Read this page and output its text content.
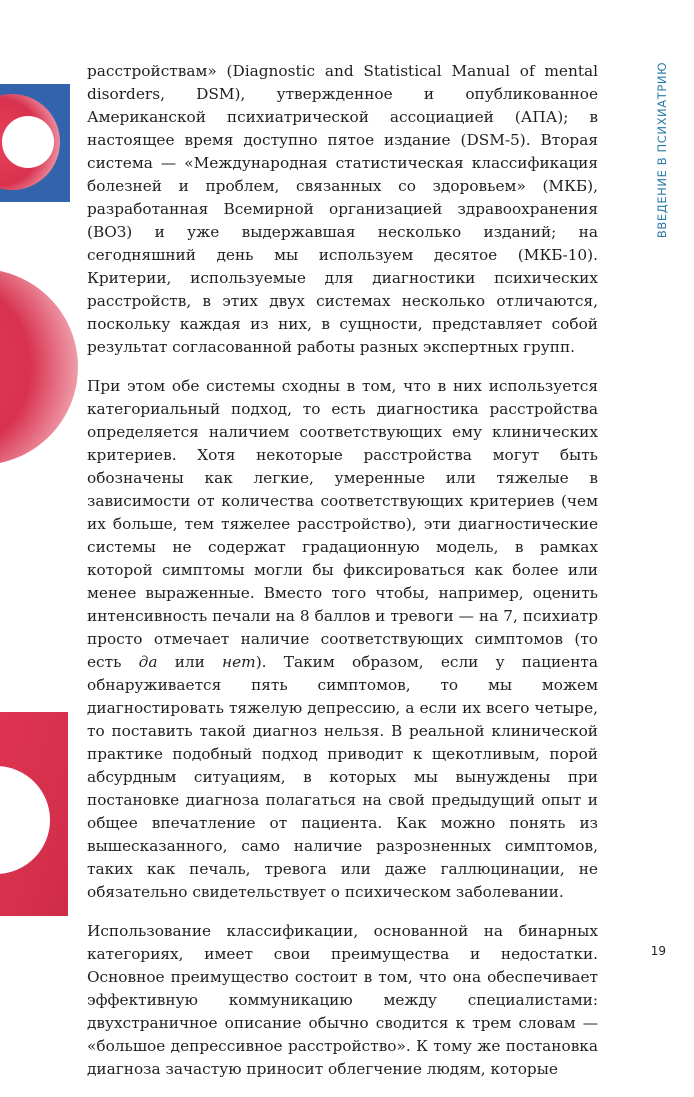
ВВЕДЕНИЕ В ПСИХИАТРИЮ

расстройствам» (Diagnostic and Statistical Manual of mental disorders, DSM), утвержденное и опубликованное Американской психиатрической ассоциацией (АПА); в настоящее время доступно пятое издание (DSM-5). Вторая система — «Международная статистическая классификация болезней и проблем, связанных со здоровьем» (МКБ), разработанная Всемирной организацией здравоохранения (ВОЗ) и уже выдержавшая несколько изданий; на сегодняшний день мы используем десятое (МКБ-10). Критерии, используемые для диагностики психических расстройств, в этих двух системах несколько отличаются, поскольку каждая из них, в сущности, представляет собой результат согласованной работы разных экспертных групп.

При этом обе системы сходны в том, что в них используется категориальный подход, то есть диагностика расстройства определяется наличием соответствующих ему клинических критериев. Хотя некоторые расстройства могут быть обозначены как легкие, умеренные или тяжелые в зависимости от количества соответствующих критериев (чем их больше, тем тяжелее расстройство), эти диагностические системы не содержат градационную модель, в рамках которой симптомы могли бы фиксироваться как более или менее выраженные. Вместо того чтобы, например, оценить интенсивность печали на 8 баллов и тревоги — на 7, психиатр просто отмечает наличие соответствующих симптомов (то есть да или нет). Таким образом, если у пациента обнаруживается пять симптомов, то мы можем диагностировать тяжелую депрессию, а если их всего четыре, то поставить такой диагноз нельзя. В реальной клинической практике подобный подход приводит к щекотливым, порой абсурдным ситуациям, в которых мы вынуждены при постановке диагноза полагаться на свой предыдущий опыт и общее впечатление от пациента. Как можно понять из вышесказанного, само наличие разрозненных симптомов, таких как печаль, тревога или даже галлюцинации, не обязательно свидетельствует о психическом заболевании.

Использование классификации, основанной на бинарных категориях, имеет свои преимущества и недостатки. Основное преимущество состоит в том, что она обеспечивает эффективную коммуникацию между специалистами: двухстраничное описание обычно сводится к трем словам — «большое депрессивное расстройство». К тому же постановка диагноза зачастую приносит облегчение людям, которые

19
